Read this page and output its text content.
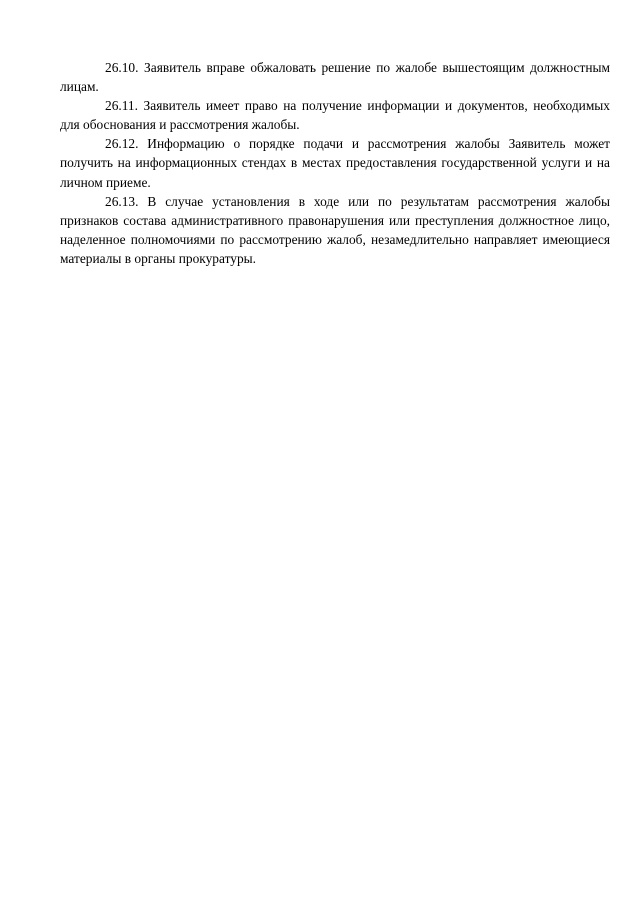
26.10. Заявитель вправе обжаловать решение по жалобе вышестоящим должностным лицам.

26.11. Заявитель имеет право на получение информации и документов, необходимых для обоснования и рассмотрения жалобы.

26.12. Информацию о порядке подачи и рассмотрения жалобы Заявитель может получить на информационных стендах в местах предоставления государственной услуги и на личном приеме.

26.13. В случае установления в ходе или по результатам рассмотрения жалобы признаков состава административного правонарушения или преступления должностное лицо, наделенное полномочиями по рассмотрению жалоб, незамедлительно направляет имеющиеся материалы в органы прокуратуры.
